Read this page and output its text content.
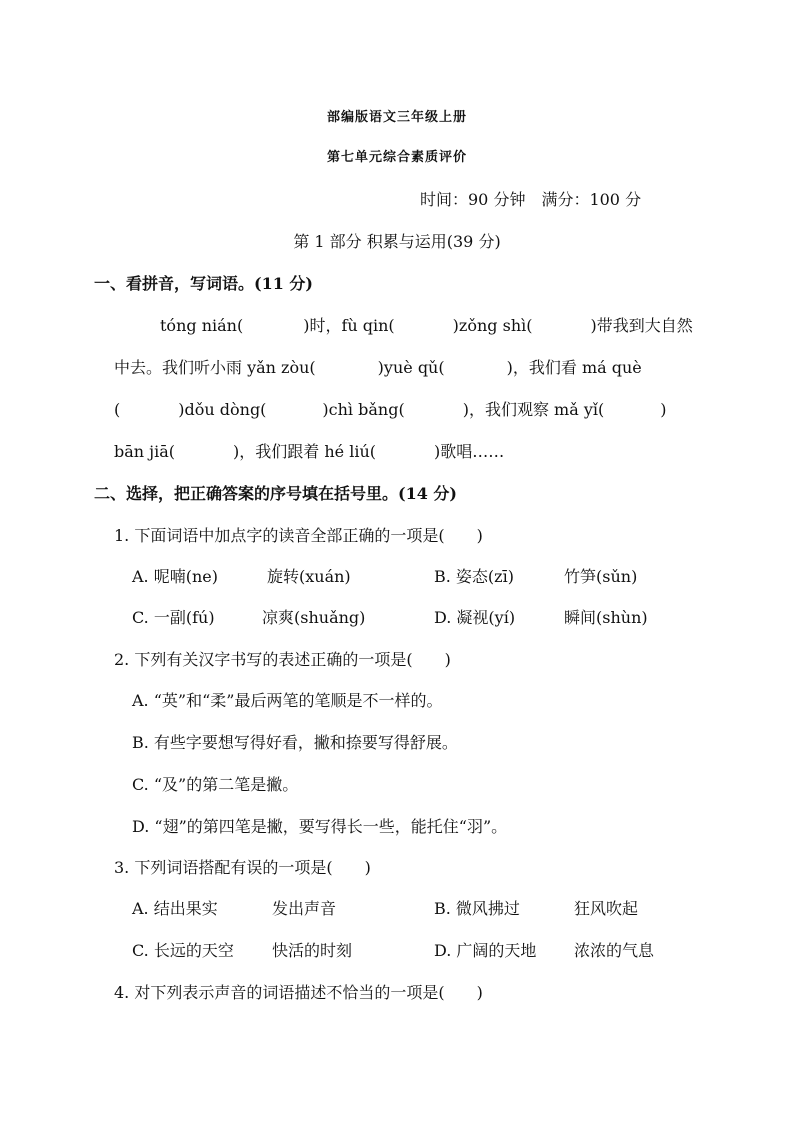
部编版语文三年级上册
第七单元综合素质评价
时间：90 分钟　满分：100 分
第 1 部分 积累与运用(39 分)
一、看拼音，写词语。(11 分)
tóng nián(	)时，fù qin(	)zǒng shì(	)带我到大自然
中去。我们听小雨 yǎn zòu(	)yuè qǔ(	)，我们看 má què
(	)dǒu dòng(	)chì bǎng(	)，我们观察 mǎ yǐ(	)
bān jiā(	)，我们跟着 hé liú(	)歌唱……
二、选择，把正确答案的序号填在括号里。(14 分)
1. 下面词语中加点字的读音全部正确的一项是(　　)
A. 呢喃(ne)	旋转(xuán)	B. 姿态(zī)	竹笋(sǔn)
C. 一副(fú)	凉爽(shuǎng)	D. 凝视(yí)	瞬间(shùn)
2. 下列有关汉字书写的表述正确的一项是(　　)
A. “英”和“柔”最后两笔的笔顺是不一样的。
B. 有些字要想写得好看，撇和捺要写得舒展。
C. “及”的第二笔是撇。
D. “翅”的第四笔是撇，要写得长一些，能托住“羽”。
3. 下列词语搭配有误的一项是(　　)
A. 结出果实	发出声音	B. 微风拂过	狂风吹起
C. 长远的天空 快活的时刻	D. 广阔的天地 浓浓的气息
4. 对下列表示声音的词语描述不恰当的一项是(　　)
